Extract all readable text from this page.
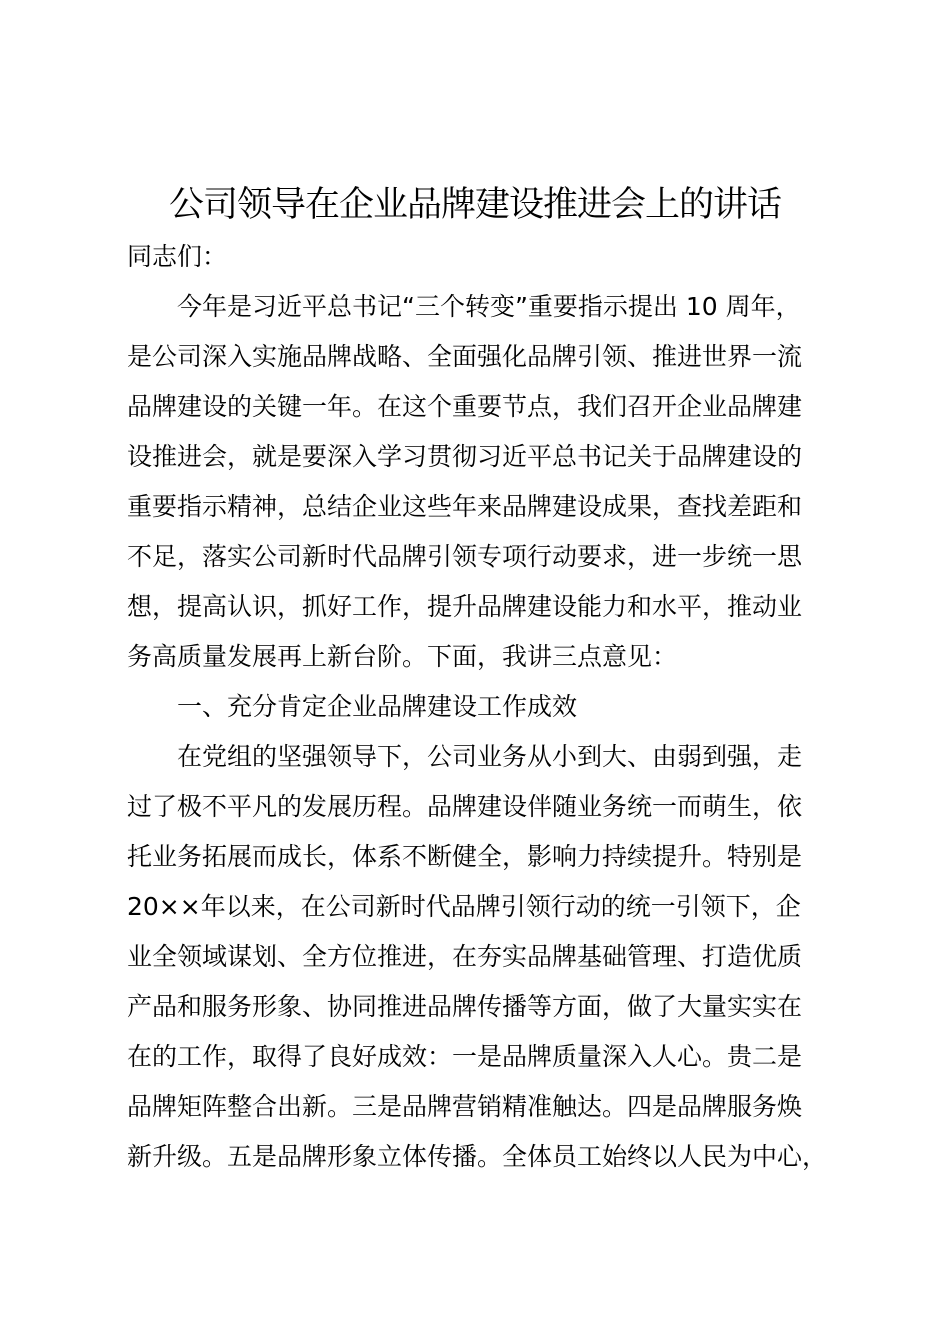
公司领导在企业品牌建设推进会上的讲话
同志们：
　　今年是习近平总书记“三个转变”重要指示提出 10 周年，
是公司深入实施品牌战略、全面强化品牌引领、推进世界一流
品牌建设的关键一年。在这个重要节点，我们召开企业品牌建
设推进会，就是要深入学习贯彻习近平总书记关于品牌建设的
重要指示精神，总结企业这些年来品牌建设成果，查找差距和
不足，落实公司新时代品牌引领专项行动要求，进一步统一思
想，提高认识，抓好工作，提升品牌建设能力和水平，推动业
务高质量发展再上新台阶。下面，我讲三点意见：
　　一、充分肯定企业品牌建设工作成效
　　在党组的坚强领导下，公司业务从小到大、由弱到强，走
过了极不平凡的发展历程。品牌建设伴随业务统一而萌生，依
托业务拓展而成长，体系不断健全，影响力持续提升。特别是
20××年以来，在公司新时代品牌引领行动的统一引领下，企
业全领域谋划、全方位推进，在夯实品牌基础管理、打造优质
产品和服务形象、协同推进品牌传播等方面，做了大量实实在
在的工作，取得了良好成效：一是品牌质量深入人心。贵二是
品牌矩阵整合出新。三是品牌营销精准触达。四是品牌服务焕
新升级。五是品牌形象立体传播。全体员工始终以人民为中心，
